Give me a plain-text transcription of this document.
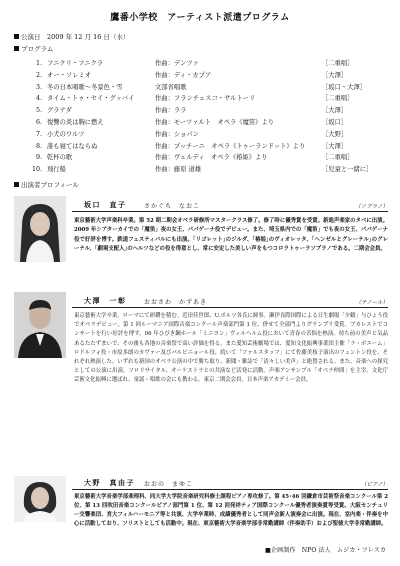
鷹番小学校　アーティスト派遣プログラム
公演日　2009 年 12 月 16 日（水）
プログラム
1. フニクリ・フニクラ	作曲：デンツァ	［二重唱］
2. オー・ソレミオ	作曲：ディ・カプア	［大澤］
3. 冬の日本唱歌〜冬景色・雪	文部省唱歌	［坂口・大澤］
4. タイム・トゥ・セイ・グッバイ	作曲：フランチェスコ・サルトーリ	［二重唱］
5. グラナダ	作曲：ララ	［大澤］
6. 復讐の炎は胸に燃え	作曲：モーツァルト　オペラ《魔笛》より	［坂口］
7. 小犬のワルツ	作曲：ショパン	［大野］
8. 誰も寝てはならぬ	作曲：プッチーニ　オペラ《トゥーランドット》より	［大澤］
9. 乾杯の歌	作曲：ヴェルディ　オペラ《椿姫》より	［二重唱］
10. 飛行船	作曲：藤原 道雄	［児童と一緒に］
出演者プロフィール
坂口　直子	さかぐち　なおこ	（ソプラノ）
東京藝術大学声楽科卒業。第 52 期二期会オペラ研修所マスタークラス修了。修了時に優秀賞を受賞。新進声楽家のタベに出演。2009 年シアターカイでの「魔笛」夜の女王、パパゲーナ役でデビュー。また、埼玉県内での「魔笛」でも夜の女王、パパゲーナ役で好評を博す。鉄道フェスティバルにも出演。｢リゴレット｣のジルダ、｢椿姫｣のヴィオレッタ、｢ヘンゼルとグレーテル｣のグレーテル、｢劇場支配人｣のヘルツなどの役を得意とし、常に安定した美しい声をもつコロラトゥーラソプラノである。二期会会員。
大澤　一彰	おおさわ　かずあき	（テノール）
東京藝術大学卒業。ローマにて研鑽を積む。近田佳世郎、U.ボルツ各氏に師事。瀬伊良際国際による日生劇場「夕鶴」与ひょう役でオペラデビュー。第 1 回ルーマニア国際音楽コンクール声楽部門第 1 位、併せて全部門よりグランプリ受賞。ブカレストでコンサートを行い好評を博す。06 年ひびき鋼ホール「ミニヨン」ヴィルヘルム役において青春の苦悩を熱演。持ち前の美声と気品あるたたずまいで、その後も各地の音楽祭で高い評価を得る。また愛知芸術劇場では、愛知文化振興事業団主催「ラ・ボエーム」ロドルフォ役・市原多朗のカヴァー及びバルピニョール役、続いて「ファルスタッフ」にて佐藤美枝子演出のフェントン役を、それぞれ熱演した。いずれも新国のオペラ公演の中で勝ち取り、新聞・雑誌で「清々しい美声」と絶賛される。また、音楽への探究としての公演に出演。ソロリサイタル、オーケストラとの共演など活発に活動。声楽アンサンブル「オペラ仲間」を主宰。文化庁芸術文化振興に選ばれ、童謡・唱歌の会にも携わる。東京二期会会員。日本声楽アカデミー会員。
大野　真由子 おおの　まゆこ	（ピアノ）
東京藝術大学音楽学部楽理科、同大学大学院音楽研究科修士課程ピアノ専攻修了。第 45･46 回鎌倉市芸術祭音楽コンクール第 2 位、第 13 回吹田音楽コンクールピアノ部門第 1 位、第 12 回発祥ティア国際コンクール優秀者演奏賞等受賞。大阪センチュリー交響楽団、宮大フィルハーモニア等と共演、大学卒業時、成績優秀者として同声会新人演奏会に出演。現在、室内楽・伴奏を中心に活動しており、ソリストとしても活動中。現在、東京藝術大学音楽学部非常勤講師（伴奏助手）および聖徳大学非常勤講師。
■企画制作　NPO 法人　ムジカ・フレスカ
